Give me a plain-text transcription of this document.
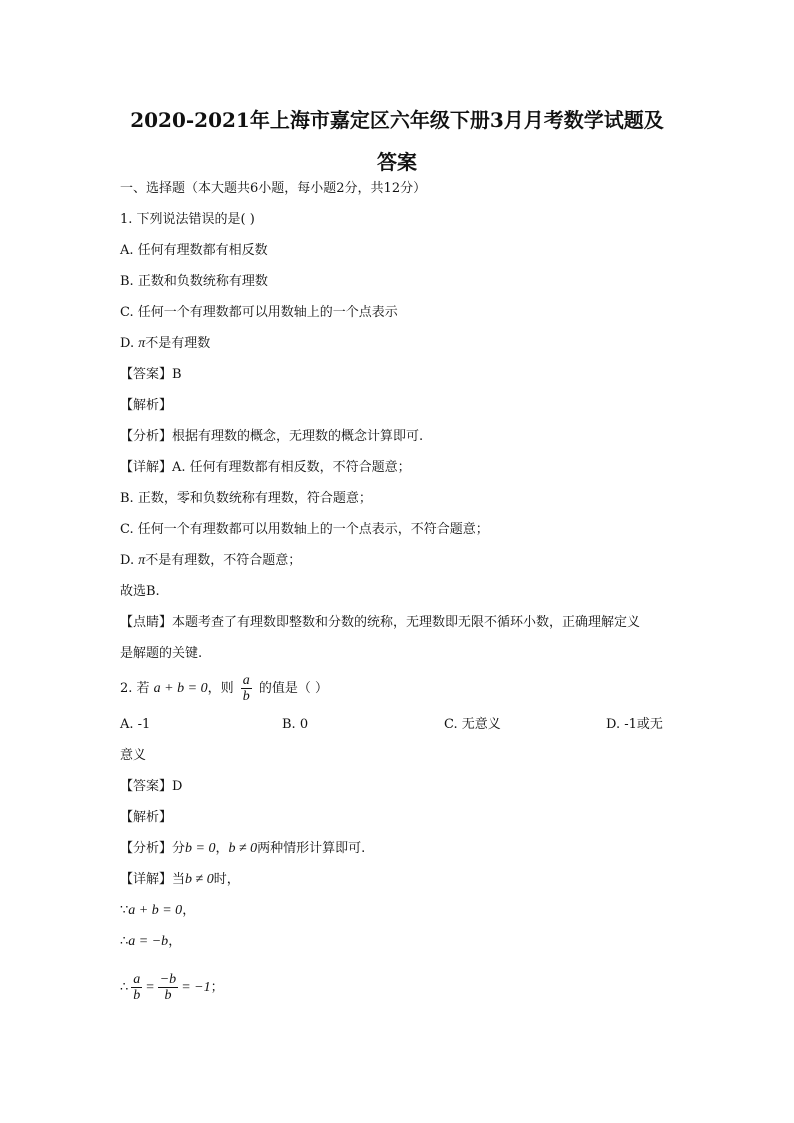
2020-2021年上海市嘉定区六年级下册3月月考数学试题及
答案
一、选择题（本大题共6小题，每小题2分，共12分）
1. 下列说法错误的是( )
A. 任何有理数都有相反数
B. 正数和负数统称有理数
C. 任何一个有理数都可以用数轴上的一个点表示
D. π不是有理数
【答案】B
【解析】
【分析】根据有理数的概念，无理数的概念计算即可.
【详解】A. 任何有理数都有相反数，不符合题意；
B. 正数，零和负数统称有理数，符合题意；
C. 任何一个有理数都可以用数轴上的一个点表示，不符合题意；
D. π不是有理数，不符合题意；
故选B.
【点睛】本题考查了有理数即整数和分数的统称，无理数即无限不循环小数，正确理解定义
是解题的关键.
2. 若 a + b = 0，则 $\frac{a}{b}$ 的值是（ ）
A. -1	B. 0	C. 无意义	D. -1或无
意义
【答案】D
【解析】
【分析】分b = 0，b ≠ 0两种情形计算即可.
【详解】当b ≠ 0时，
∵a + b = 0，
∴a = −b，
∴ $\frac{a}{b} = \frac{-b}{b} = -1$；
